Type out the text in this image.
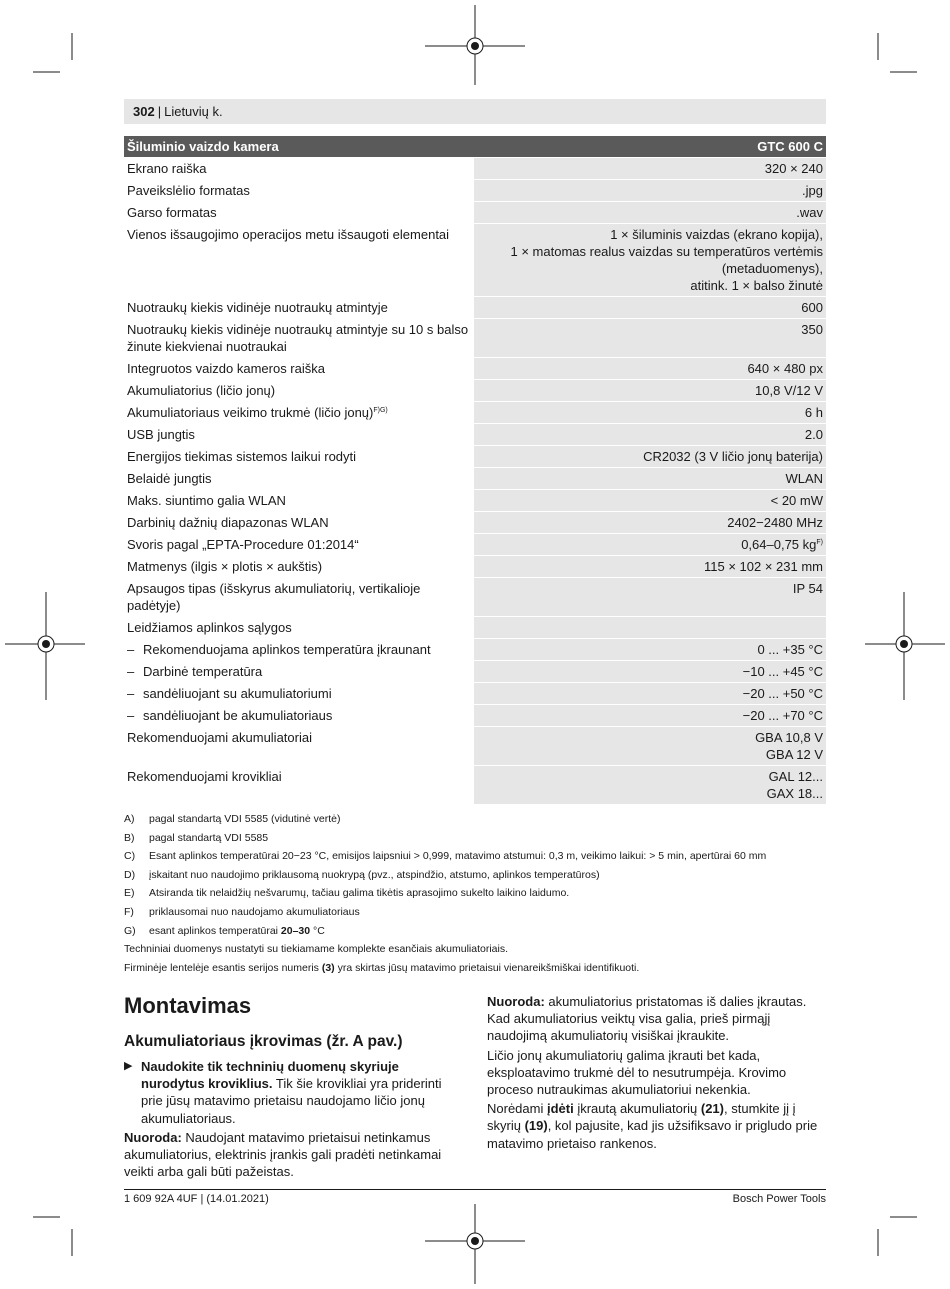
302 | Lietuvių k.
Šiluminio vaizdo kamera	GTC 600 C
Ekrano raiška	320 × 240
Paveikslėlio formatas	.jpg
Garso formatas	.wav
Vienos išsaugojimo operacijos metu išsaugoti elementai	1 × šiluminis vaizdas (ekrano kopija),
1 × matomas realus vaizdas su temperatūros vertėmis
(metaduomenys),
atitink. 1 × balso žinutė
Nuotraukų kiekis vidinėje nuotraukų atmintyje	600
Nuotraukų kiekis vidinėje nuotraukų atmintyje su 10 s balso
žinute kiekvienai nuotraukai	350
Integruotos vaizdo kameros raiška	640 × 480 px
Akumuliatorius (ličio jonų)	10,8 V/12 V
Akumuliatoriaus veikimo trukmė (ličio jonų)$^{F)G)}$	6 h
USB jungtis	2.0
Energijos tiekimas sistemos laikui rodyti	CR2032 (3 V ličio jonų baterija)
Belaidė jungtis	WLAN
Maks. siuntimo galia WLAN	< 20 mW
Darbinių dažnių diapazonas WLAN	2402−2480 MHz
Svoris pagal „EPTA-Procedure 01:2014“	0,64–0,75 $kg^{F)}$
Matmenys (ilgis × plotis × aukštis)	115 × 102 × 231 mm
Apsaugos tipas (išskyrus akumuliatorių, vertikalioje padėtyje)	IP 54
Leidžiamos aplinkos sąlygos	
– Rekomenduojama aplinkos temperatūra įkraunant	0 ... +35 °C
– Darbinė temperatūra	−10 ... +45 °C
– sandėliuojant su akumuliatoriumi	−20 ... +50 °C
– sandėliuojant be akumuliatoriaus	−20 ... +70 °C
Rekomenduojami akumuliatoriai	GBA 10,8 V
GBA 12 V
Rekomenduojami krovikliai	GAL 12...
GAX 18...
A)	pagal standartą VDI 5585 (vidutinė vertė)
B)	pagal standartą VDI 5585
C)	Esant aplinkos temperatūrai 20−23 °C, emisijos laipsniui > 0,999, matavimo atstumui: 0,3 m, veikimo laikui: > 5 min, apertūrai 60 mm
D)	įskaitant nuo naudojimo priklausomą nuokrypą (pvz., atspindžio, atstumo, aplinkos temperatūros)
E)	Atsiranda tik nelaidžių nešvarumų, tačiau galima tikėtis aprasojimo sukelto laikino laidumo.
F)	priklausomai nuo naudojamo akumuliatoriaus
G)	esant aplinkos temperatūrai 20–30 °C
Techniniai duomenys nustatyti su tiekiamame komplekte esančiais akumuliatoriais.
Firminėje lentelėje esantis serijos numeris (3) yra skirtas jūsų matavimo prietaisui vienareikšmiškai identifikuoti.
Montavimas
Akumuliatoriaus įkrovimas (žr. A pav.)
▶ Naudokite tik techninių duomenų skyriuje nurodytus kroviklius. Tik šie krovikliai yra priderinti prie jūsų matavimo prietaisu naudojamo ličio jonų akumuliatoriaus.

Nuoroda: Naudojant matavimo prietaisui netinkamus akumuliatorius, elektrinis įrankis gali pradėti netinkamai veikti arba gali būti pažeistas.

Nuoroda: akumuliatorius pristatomas iš dalies įkrautas. Kad akumuliatorius veiktų visa galia, prieš pirmąjį naudojimą akumuliatorių visiškai įkraukite.

Ličio jonų akumuliatorių galima įkrauti bet kada, eksploatavimo trukmė dėl to nesutrumpėja. Krovimo proceso nutraukimas akumuliatoriui nekenkia.

Norėdami įdėti įkrautą akumuliatorių (21), stumkite jį į skyrių (19), kol pajusite, kad jis užsifiksavo ir prigludo prie matavimo prietaiso rankenos.

1 609 92A 4UF | (14.01.2021)	Bosch Power Tools
